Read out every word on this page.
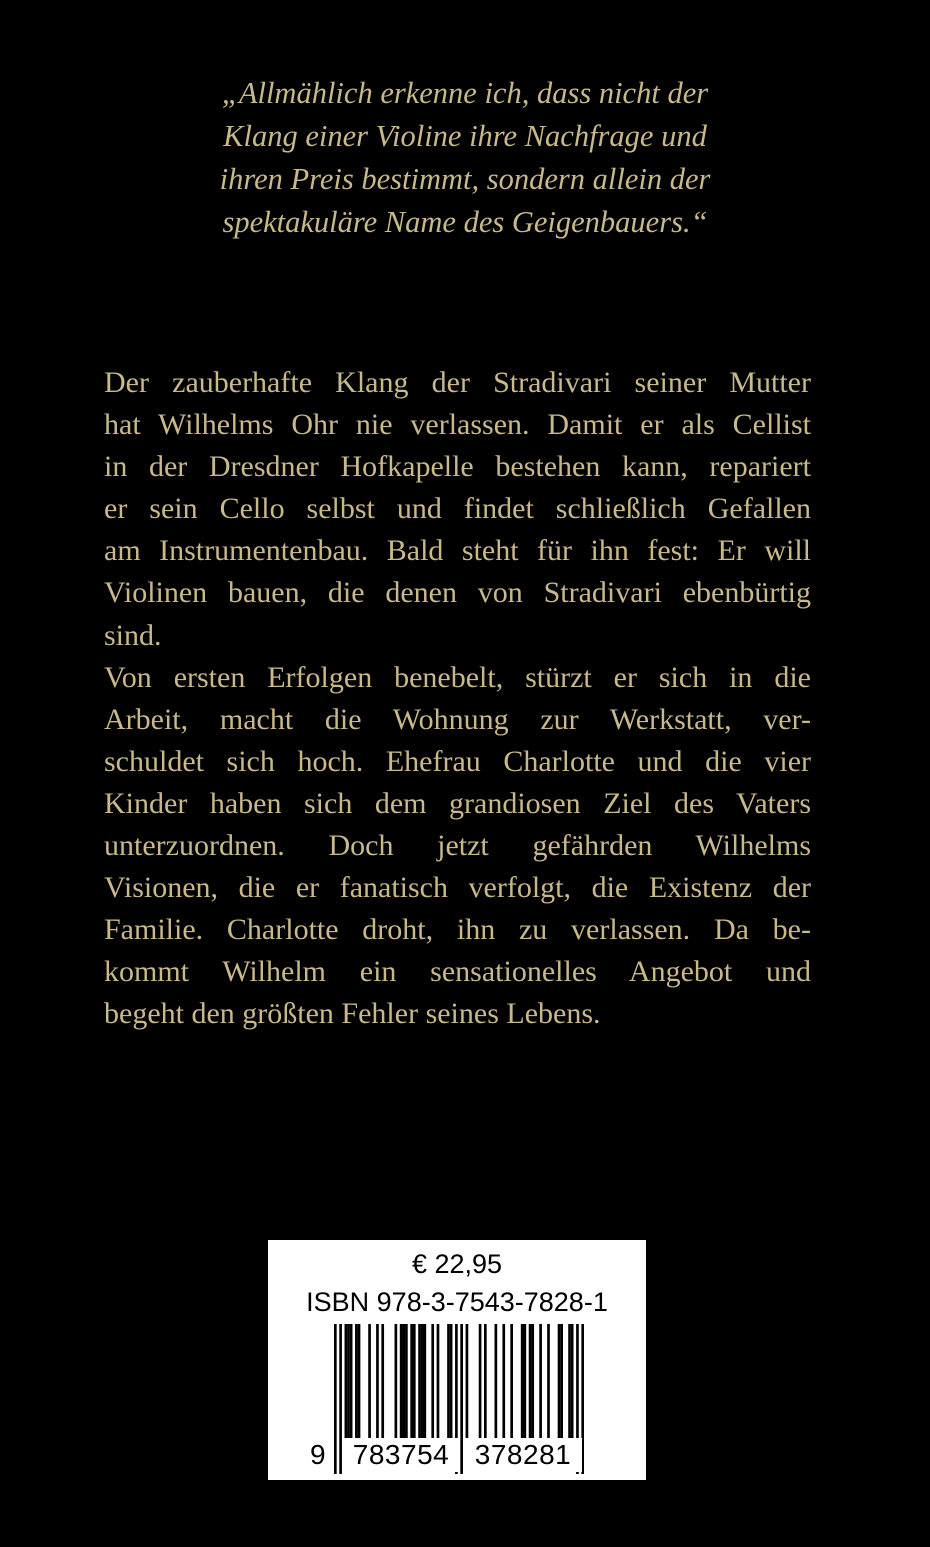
„Allmählich erkenne ich, dass nicht der
Klang einer Violine ihre Nachfrage und
ihren Preis bestimmt, sondern allein der
spektakuläre Name des Geigenbauers.“
Der zauberhafte Klang der Stradivari seiner Mutter
hat Wilhelms Ohr nie verlassen. Damit er als Cellist
in der Dresdner Hofkapelle bestehen kann, repariert
er sein Cello selbst und findet schließlich Gefallen
am Instrumentenbau. Bald steht für ihn fest: Er will
Violinen bauen, die denen von Stradivari ebenbürtig
sind.
Von ersten Erfolgen benebelt, stürzt er sich in die
Arbeit, macht die Wohnung zur Werkstatt, ver-
schuldet sich hoch. Ehefrau Charlotte und die vier
Kinder haben sich dem grandiosen Ziel des Vaters
unterzuordnen. Doch jetzt gefährden Wilhelms
Visionen, die er fanatisch verfolgt, die Existenz der
Familie. Charlotte droht, ihn zu verlassen. Da be-
kommt Wilhelm ein sensationelles Angebot und
begeht den größten Fehler seines Lebens.
€ 22,95
ISBN 978-3-7543-7828-1
9 783754 378281
